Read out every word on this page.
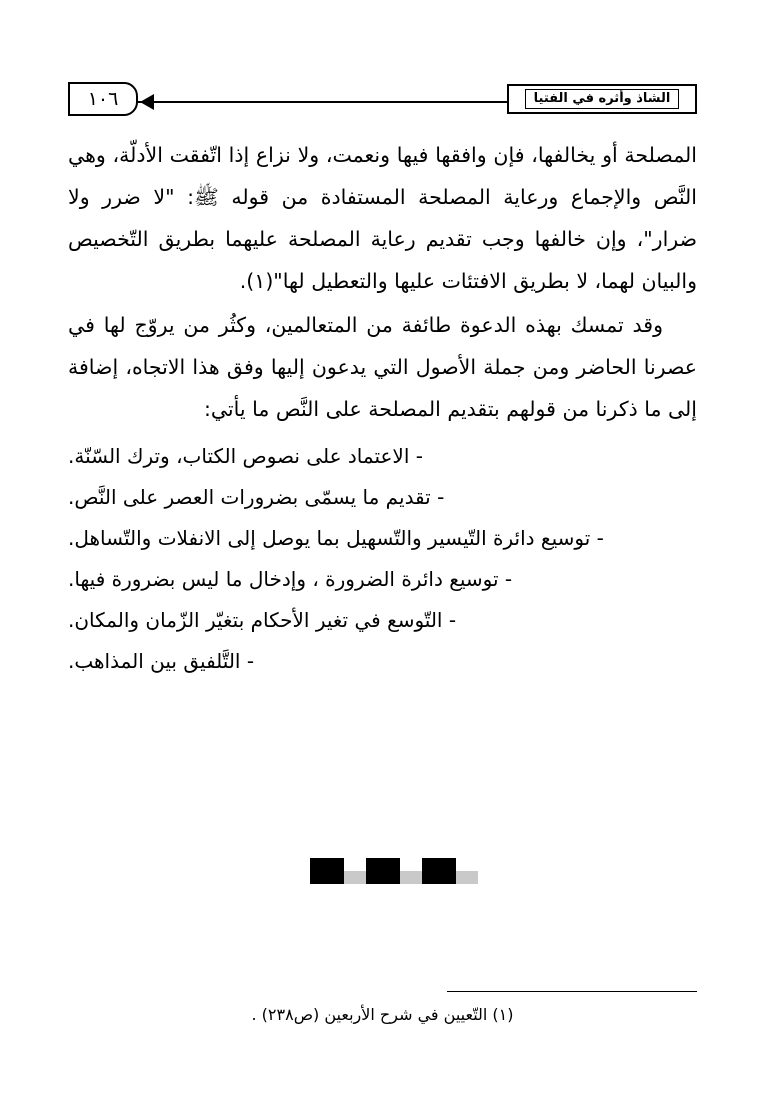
الشاذ وأثره في الفتيا
١٠٦

المصلحة أو يخالفها، فإن وافقها فيها ونعمت، ولا نزاع إذا اتّفقت الأدلّة، وهي النَّص والإجماع ورعاية المصلحة المستفادة من قوله ﷺ: "لا ضرر ولا ضرار"، وإن خالفها وجب تقديم رعاية المصلحة عليهما بطريق التّخصيص والبيان لهما، لا بطريق الافتئات عليها والتعطيل لها"(١).

وقد تمسك بهذه الدعوة طائفة من المتعالمين، وكثُر من يروّج لها في عصرنا الحاضر ومن جملة الأصول التي يدعون إليها وفق هذا الاتجاه، إضافة إلى ما ذكرنا من قولهم بتقديم المصلحة على النَّص ما يأتي:

- الاعتماد على نصوص الكتاب، وترك السّنّة.
- تقديم ما يسمّى بضرورات العصر على النَّص.
- توسيع دائرة التّيسير والتّسهيل بما يوصل إلى الانفلات والتّساهل.
- توسيع دائرة الضرورة ، وإدخال ما ليس بضرورة فيها.
- التّوسع في تغير الأحكام بتغيّر الزّمان والمكان.
- التَّلفيق بين المذاهب.
(١) التّعيين في شرح الأربعين (ص٢٣٨) .
